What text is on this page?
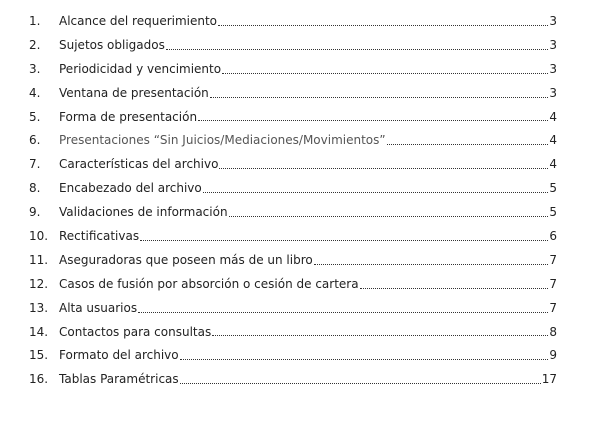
1.	Alcance del requerimiento	3
2.	Sujetos obligados	3
3.	Periodicidad y vencimiento	3
4.	Ventana de presentación	3
5.	Forma de presentación	4
6.	Presentaciones “Sin Juicios/Mediaciones/Movimientos”	4
7.	Características del archivo	4
8.	Encabezado del archivo	5
9.	Validaciones de información	5
10. Rectificativas	6
11. Aseguradoras que poseen más de un libro	7
12. Casos de fusión por absorción o cesión de cartera	7
13. Alta usuarios	7
14. Contactos para consultas	8
15. Formato del archivo	9
16. Tablas Paramétricas	17
